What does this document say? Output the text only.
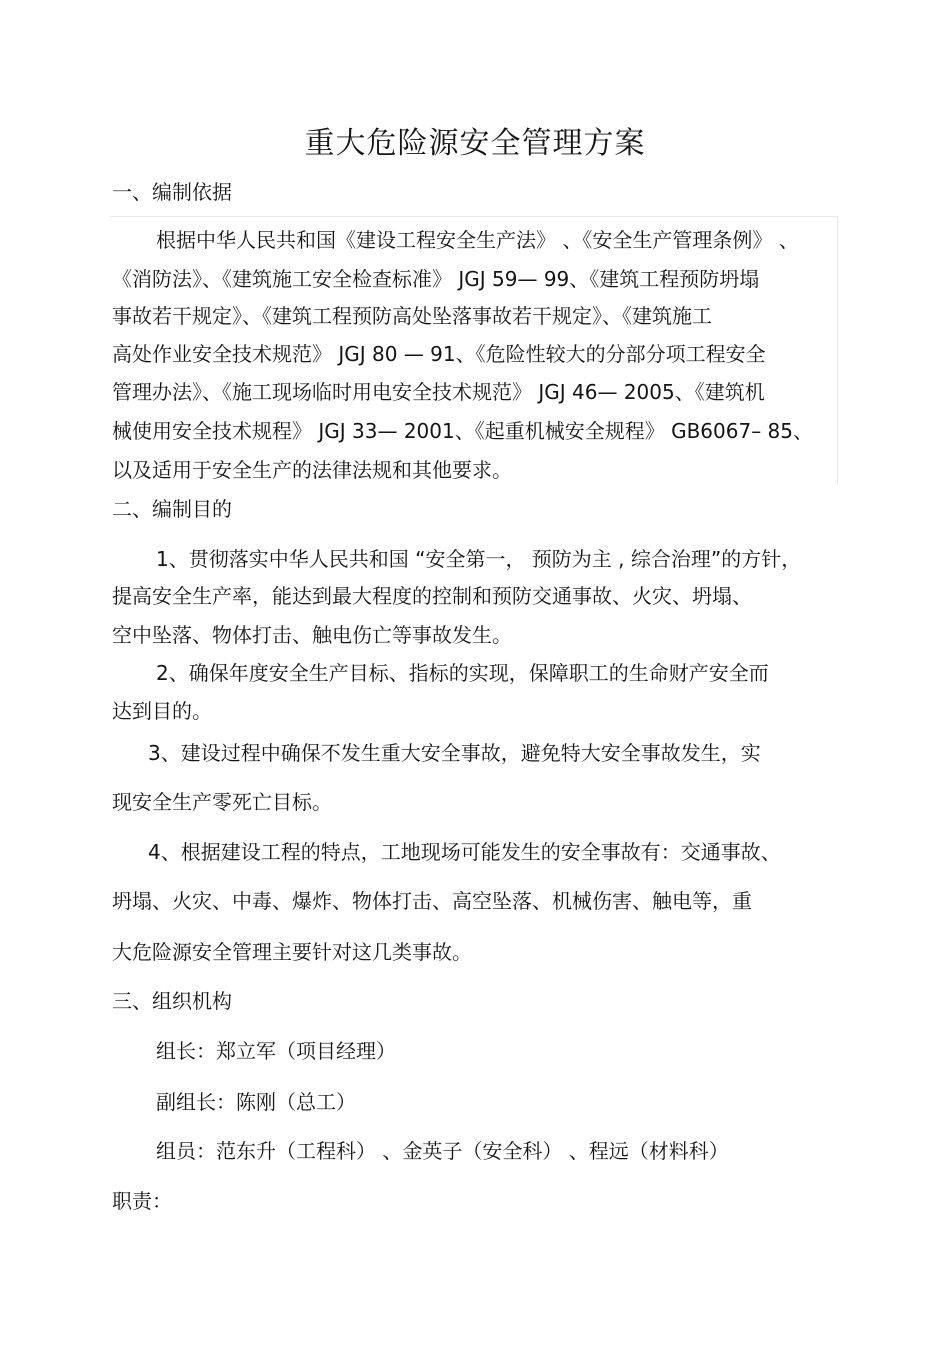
重大危险源安全管理方案
一、编制依据
根据中华人民共和国《建设工程安全生产法》 、《安全生产管理条例》 、
《消防法》、《建筑施工安全检查标准》 JGJ 59— 99、《建筑工程预防坍塌
事故若干规定》、《建筑工程预防高处坠落事故若干规定》、《建筑施工
高处作业安全技术规范》 JGJ 80 — 91、《危险性较大的分部分项工程安全
管理办法》、《施工现场临时用电安全技术规范》 JGJ 46— 2005、《建筑机
械使用安全技术规程》 JGJ 33— 2001、《起重机械安全规程》 GB6067– 85、
以及适用于安全生产的法律法规和其他要求。
二、编制目的
1、贯彻落实中华人民共和国 “安全第一， 预防为主 , 综合治理”的方针，
提高安全生产率，能达到最大程度的控制和预防交通事故、火灾、坍塌、
空中坠落、物体打击、触电伤亡等事故发生。
2、确保年度安全生产目标、指标的实现，保障职工的生命财产安全而
达到目的。
3、建设过程中确保不发生重大安全事故，避免特大安全事故发生，实
现安全生产零死亡目标。
4、根据建设工程的特点，工地现场可能发生的安全事故有：交通事故、
坍塌、火灾、中毒、爆炸、物体打击、高空坠落、机械伤害、触电等，重
大危险源安全管理主要针对这几类事故。
三、组织机构
组长：郑立军（项目经理）
副组长：陈刚（总工）
组员：范东升（工程科） 、金英子（安全科） 、程远（材料科）
职责：
